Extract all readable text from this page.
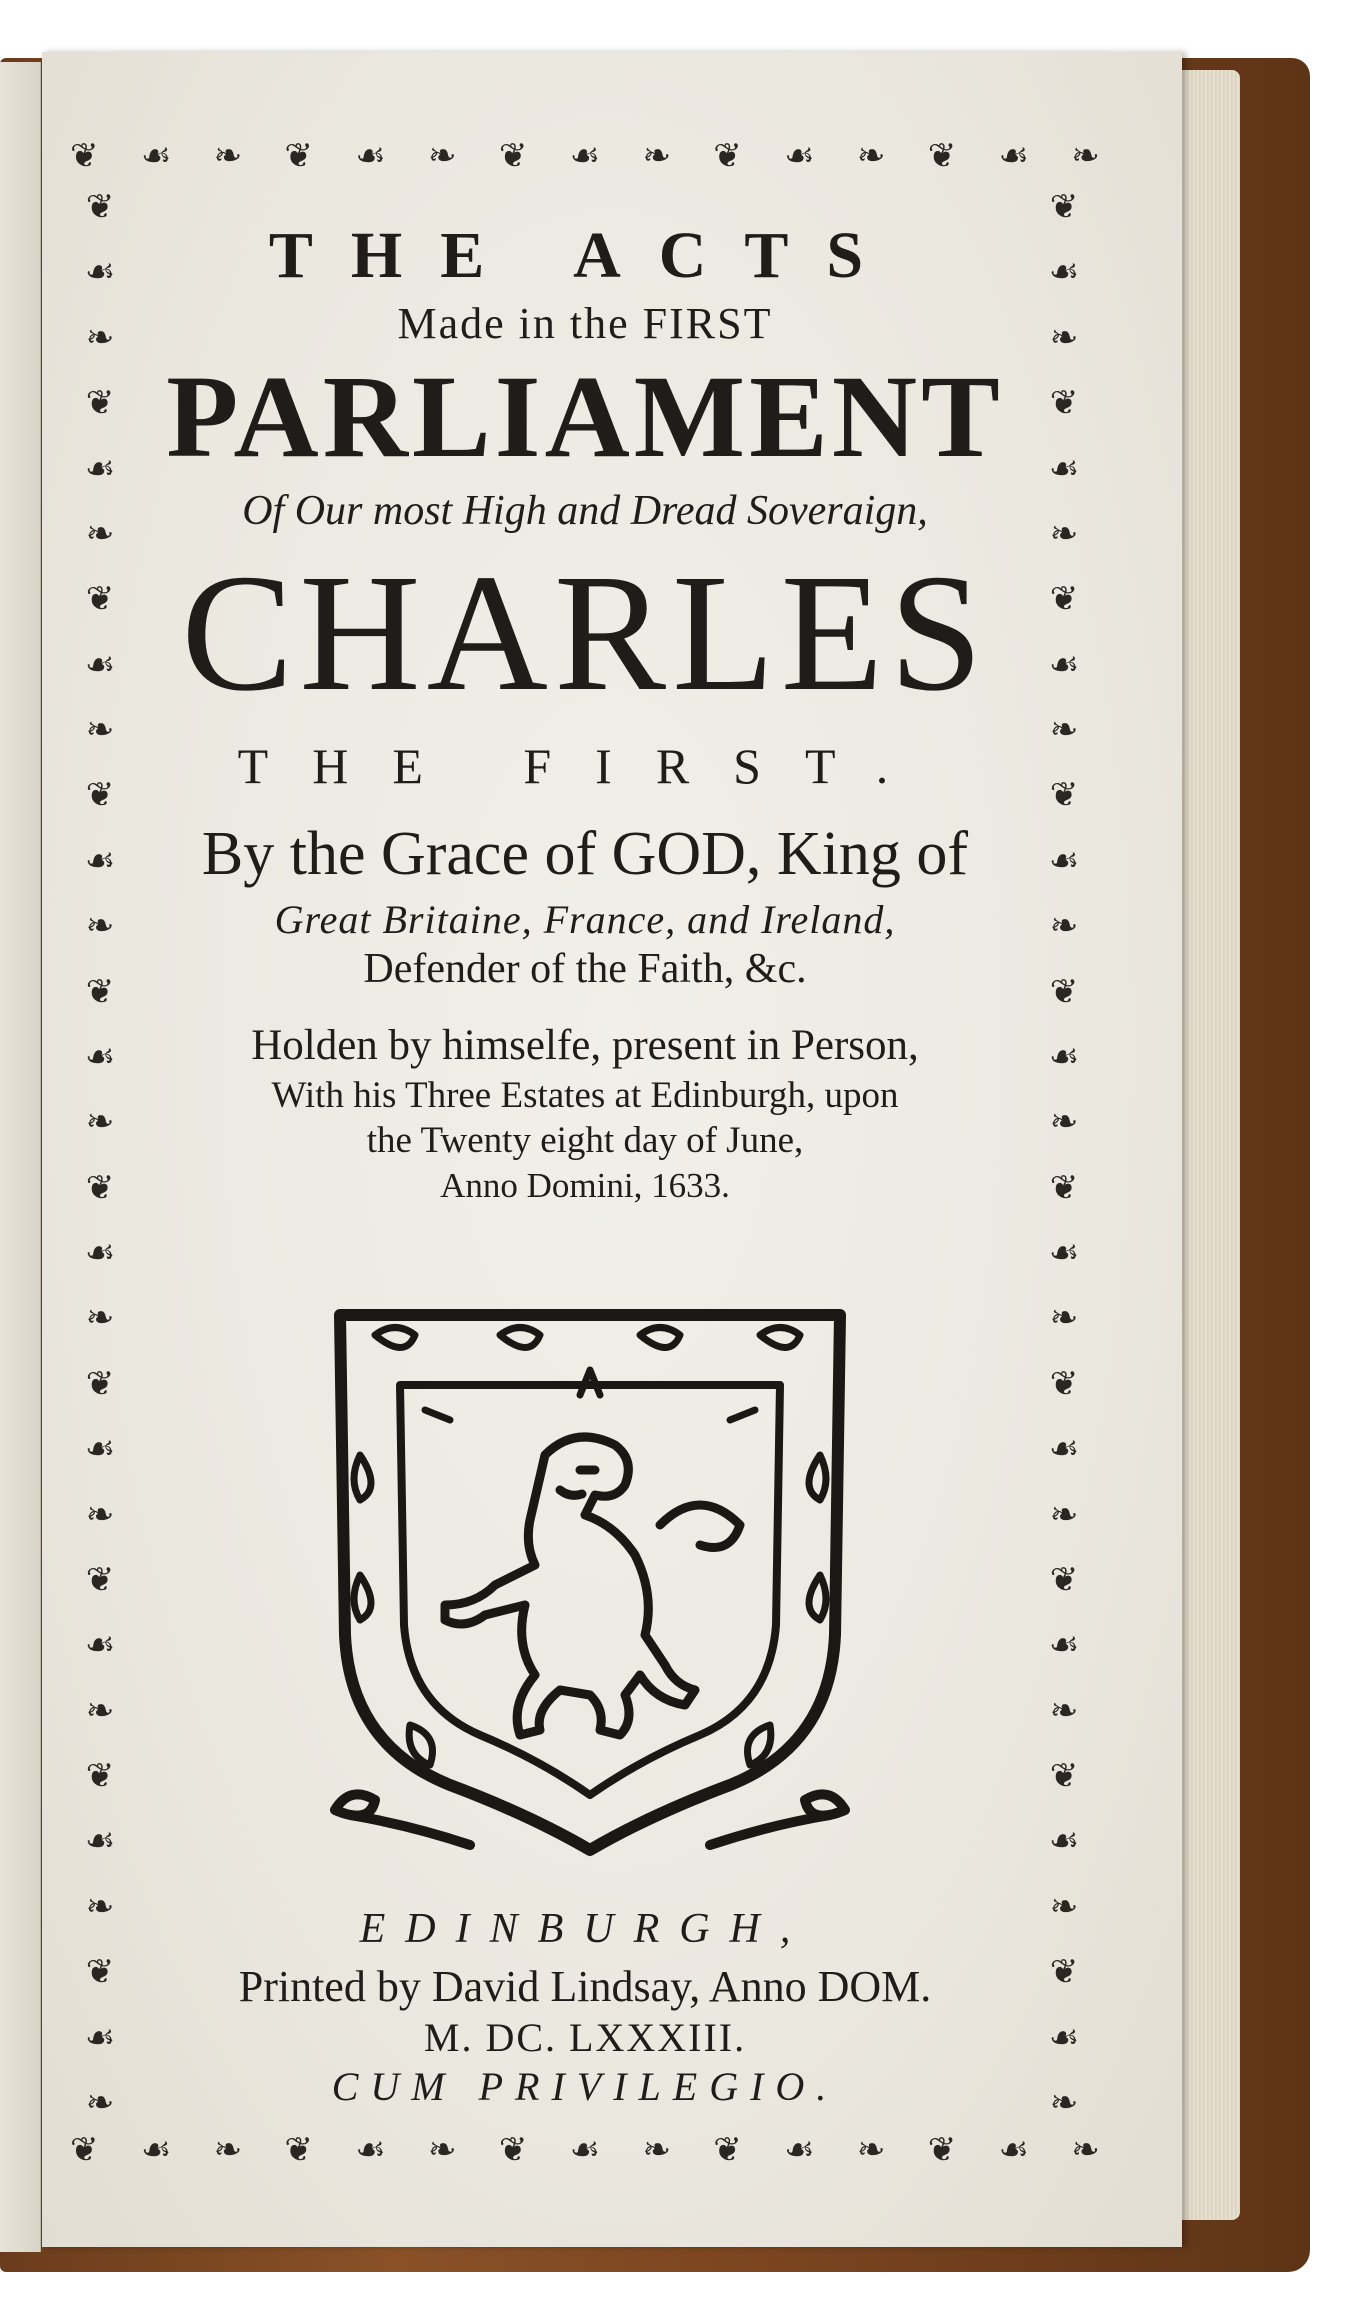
❦ ☙ ❧ ❦ ☙ ❧ ❦ ☙ ❧ ❦ ☙ ❧ ❦ ☙ ❧
❦ ☙ ❧ ❦ ☙ ❧ ❦ ☙ ❧ ❦ ☙ ❧ ❦ ☙ ❧
❦
☙
❧
❦
☙
❧
❦
☙
❧
❦
☙
❧
❦
☙
❧
❦
☙
❧
❦
☙
❧
❦
☙
❧
❦
☙
❧
❦
☙
❧
❦
☙
❧
❦
☙
❧
❦
☙
❧
❦
☙
❧
❦
☙
❧
❦
☙
❧
❦
☙
❧
❦
☙
❧
❦
☙
❧
❦
☙
❧
THE ACTS
Made in the FIRST
PARLIAMENT
Of Our most High and Dread Soveraign,
CHARLES
THE FIRST.
By the Grace of GOD, King of
Great Britaine, France, and Ireland,
Defender of the Faith, &c.
Holden by himselfe, present in Person,
With his Three Estates at Edinburgh, upon
the Twenty eight day of June,
Anno Domini, 1633.
EDINBURGH,
Printed by David Lindsay, Anno DOM.
M. DC. LXXXIII.
CUM PRIVILEGIO.
